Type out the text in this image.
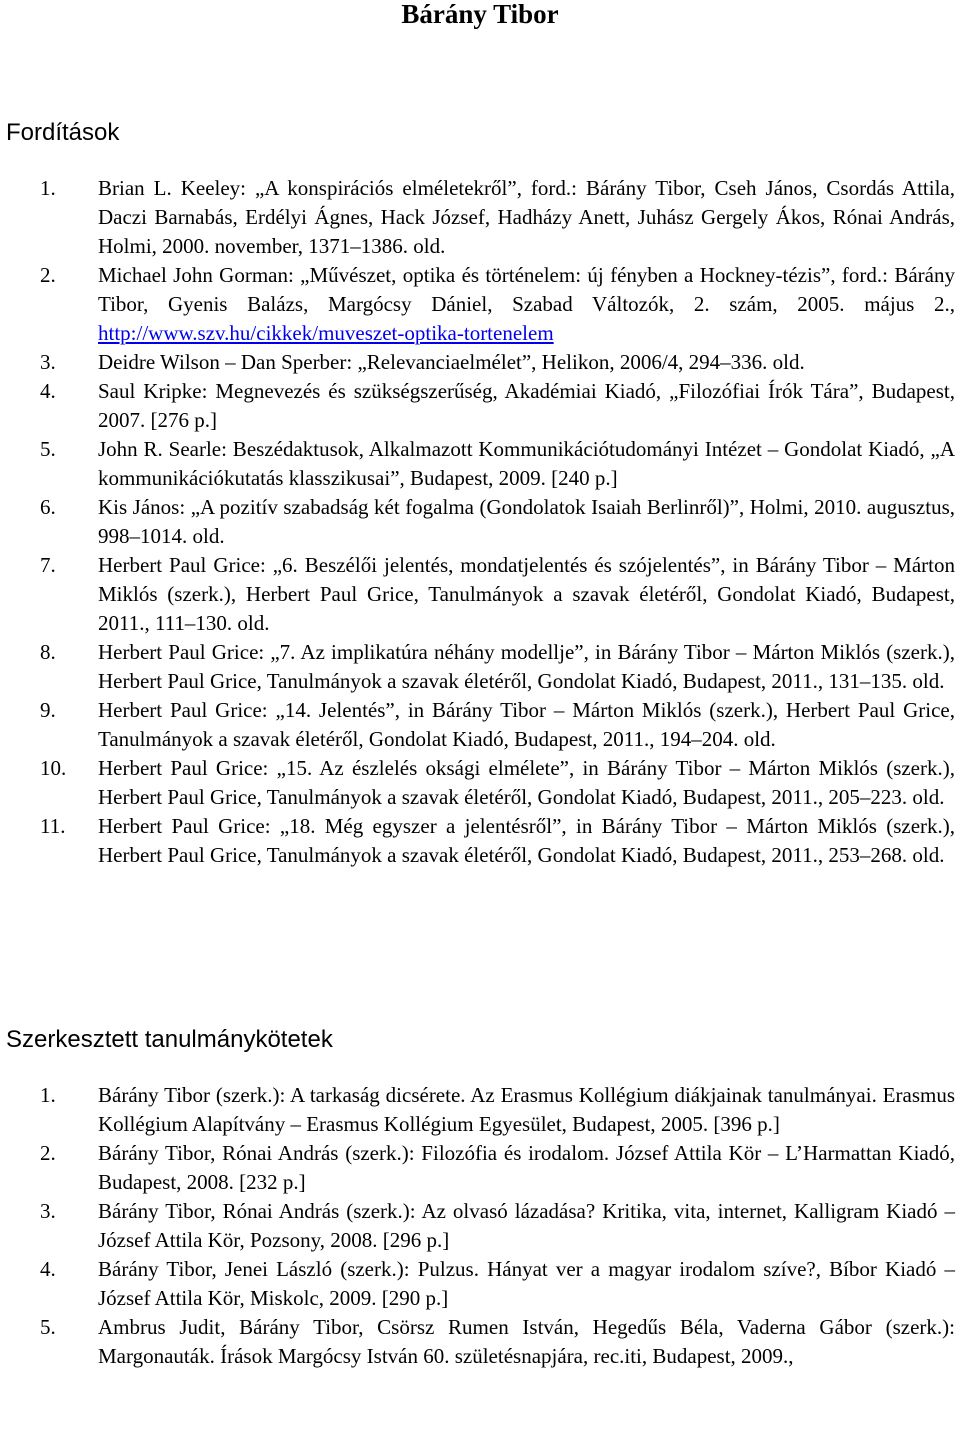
Bárány Tibor
Fordítások
1. Brian L. Keeley: „A konspirációs elméletekről”, ford.: Bárány Tibor, Cseh János, Csordás Attila, Daczi Barnabás, Erdélyi Ágnes, Hack József, Hadházy Anett, Juhász Gergely Ákos, Rónai András, Holmi, 2000. november, 1371–1386. old.
2. Michael John Gorman: „Művészet, optika és történelem: új fényben a Hockney-tézis”, ford.: Bárány Tibor, Gyenis Balázs, Margócsy Dániel, Szabad Változók, 2. szám, 2005. május 2., http://www.szv.hu/cikkek/muveszet-optika-tortenelem
3. Deidre Wilson – Dan Sperber: „Relevanciaelmélet”, Helikon, 2006/4, 294–336. old.
4. Saul Kripke: Megnevezés és szükségszerűség, Akadémiai Kiadó, „Filozófiai Írók Tára”, Budapest, 2007. [276 p.]
5. John R. Searle: Beszédaktusok, Alkalmazott Kommunikációtudományi Intézet – Gondolat Kiadó, „A kommunikációkutatás klasszikusai”, Budapest, 2009. [240 p.]
6. Kis János: „A pozitív szabadság két fogalma (Gondolatok Isaiah Berlinről)”, Holmi, 2010. augusztus, 998–1014. old.
7. Herbert Paul Grice: „6. Beszélői jelentés, mondatjelentés és szójelentés”, in Bárány Tibor – Márton Miklós (szerk.), Herbert Paul Grice, Tanulmányok a szavak életéről, Gondolat Kiadó, Budapest, 2011., 111–130. old.
8. Herbert Paul Grice: „7. Az implikatúra néhány modellje”, in Bárány Tibor – Márton Miklós (szerk.), Herbert Paul Grice, Tanulmányok a szavak életéről, Gondolat Kiadó, Budapest, 2011., 131–135. old.
9. Herbert Paul Grice: „14. Jelentés”, in Bárány Tibor – Márton Miklós (szerk.), Herbert Paul Grice, Tanulmányok a szavak életéről, Gondolat Kiadó, Budapest, 2011., 194–204. old.
10. Herbert Paul Grice: „15. Az észlelés oksági elmélete”, in Bárány Tibor – Márton Miklós (szerk.), Herbert Paul Grice, Tanulmányok a szavak életéről, Gondolat Kiadó, Budapest, 2011., 205–223. old.
11. Herbert Paul Grice: „18. Még egyszer a jelentésről”, in Bárány Tibor – Márton Miklós (szerk.), Herbert Paul Grice, Tanulmányok a szavak életéről, Gondolat Kiadó, Budapest, 2011., 253–268. old.
Szerkesztett tanulmánykötetek
1. Bárány Tibor (szerk.): A tarkaság dicsérete. Az Erasmus Kollégium diákjainak tanulmányai. Erasmus Kollégium Alapítvány – Erasmus Kollégium Egyesület, Budapest, 2005. [396 p.]
2. Bárány Tibor, Rónai András (szerk.): Filozófia és irodalom. József Attila Kör – L’Harmattan Kiadó, Budapest, 2008. [232 p.]
3. Bárány Tibor, Rónai András (szerk.): Az olvasó lázadása? Kritika, vita, internet, Kalligram Kiadó – József Attila Kör, Pozsony, 2008. [296 p.]
4. Bárány Tibor, Jenei László (szerk.): Pulzus. Hányat ver a magyar irodalom szíve?, Bíbor Kiadó – József Attila Kör, Miskolc, 2009. [290 p.]
5. Ambrus Judit, Bárány Tibor, Csörsz Rumen István, Hegedűs Béla, Vaderna Gábor (szerk.): Margonauták. Írások Margócsy István 60. születésnapjára, rec.iti, Budapest, 2009.,
